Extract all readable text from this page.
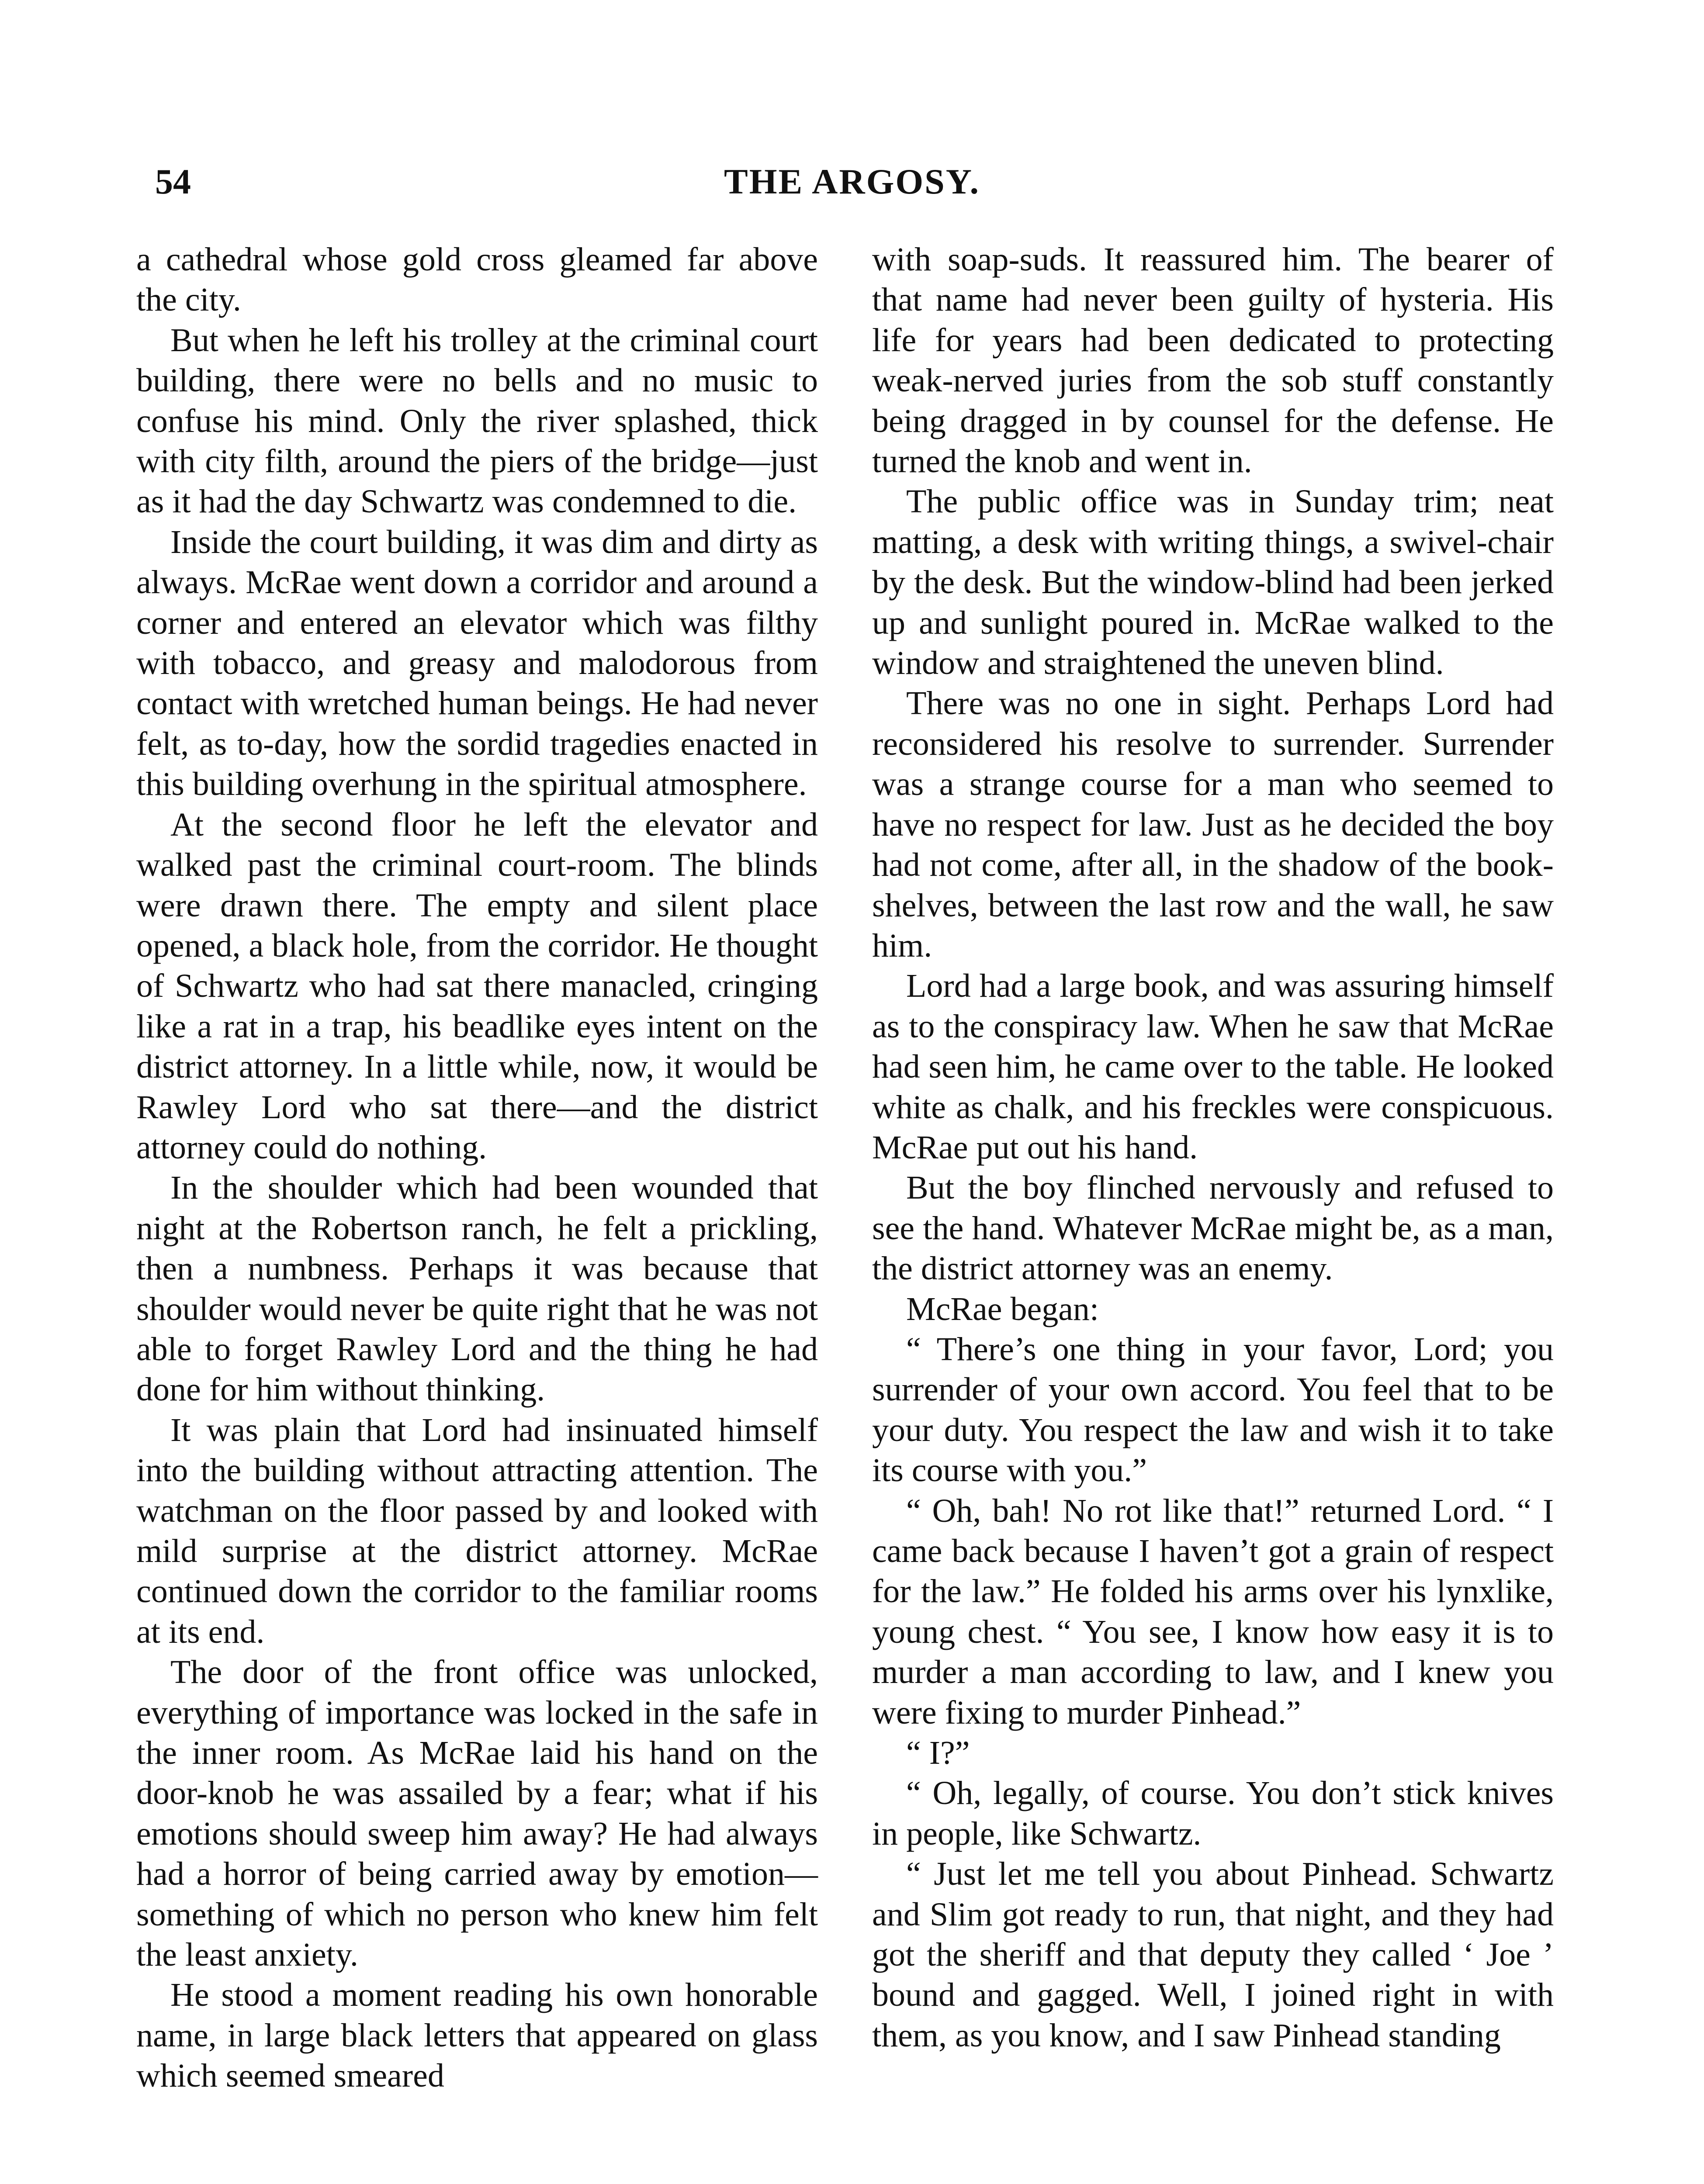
54	THE ARGOSY.

a cathedral whose gold cross gleamed far above the city.

But when he left his trolley at the criminal court building, there were no bells and no music to confuse his mind. Only the river splashed, thick with city filth, around the piers of the bridge—just as it had the day Schwartz was condemned to die.

Inside the court building, it was dim and dirty as always. McRae went down a corridor and around a corner and entered an elevator which was filthy with tobacco, and greasy and malodorous from contact with wretched human beings. He had never felt, as to-day, how the sordid tragedies enacted in this building overhung in the spiritual atmosphere.

At the second floor he left the elevator and walked past the criminal court-room. The blinds were drawn there. The empty and silent place opened, a black hole, from the corridor. He thought of Schwartz who had sat there manacled, cringing like a rat in a trap, his beadlike eyes intent on the district attorney. In a little while, now, it would be Rawley Lord who sat there—and the district attorney could do nothing.

In the shoulder which had been wounded that night at the Robertson ranch, he felt a prickling, then a numbness. Perhaps it was because that shoulder would never be quite right that he was not able to forget Rawley Lord and the thing he had done for him without thinking.

It was plain that Lord had insinuated himself into the building without attracting attention. The watchman on the floor passed by and looked with mild surprise at the district attorney. McRae continued down the corridor to the familiar rooms at its end.

The door of the front office was unlocked, everything of importance was locked in the safe in the inner room. As McRae laid his hand on the door-knob he was assailed by a fear; what if his emotions should sweep him away? He had always had a horror of being carried away by emotion—something of which no person who knew him felt the least anxiety.

He stood a moment reading his own honorable name, in large black letters that appeared on glass which seemed smeared

with soap-suds. It reassured him. The bearer of that name had never been guilty of hysteria. His life for years had been dedicated to protecting weak-nerved juries from the sob stuff constantly being dragged in by counsel for the defense. He turned the knob and went in.

The public office was in Sunday trim; neat matting, a desk with writing things, a swivel-chair by the desk. But the window-blind had been jerked up and sunlight poured in. McRae walked to the window and straightened the uneven blind.

There was no one in sight. Perhaps Lord had reconsidered his resolve to surrender. Surrender was a strange course for a man who seemed to have no respect for law. Just as he decided the boy had not come, after all, in the shadow of the book-shelves, between the last row and the wall, he saw him.

Lord had a large book, and was assuring himself as to the conspiracy law. When he saw that McRae had seen him, he came over to the table. He looked white as chalk, and his freckles were conspicuous. McRae put out his hand.

But the boy flinched nervously and refused to see the hand. Whatever McRae might be, as a man, the district attorney was an enemy.

McRae began:

“ There’s one thing in your favor, Lord; you surrender of your own accord. You feel that to be your duty. You respect the law and wish it to take its course with you.”

“ Oh, bah! No rot like that!” returned Lord. “ I came back because I haven’t got a grain of respect for the law.” He folded his arms over his lynxlike, young chest. “ You see, I know how easy it is to murder a man according to law, and I knew you were fixing to murder Pinhead.”

“ I?”

“ Oh, legally, of course. You don’t stick knives in people, like Schwartz.

“ Just let me tell you about Pinhead. Schwartz and Slim got ready to run, that night, and they had got the sheriff and that deputy they called ‘ Joe ’ bound and gagged. Well, I joined right in with them, as you know, and I saw Pinhead standing
